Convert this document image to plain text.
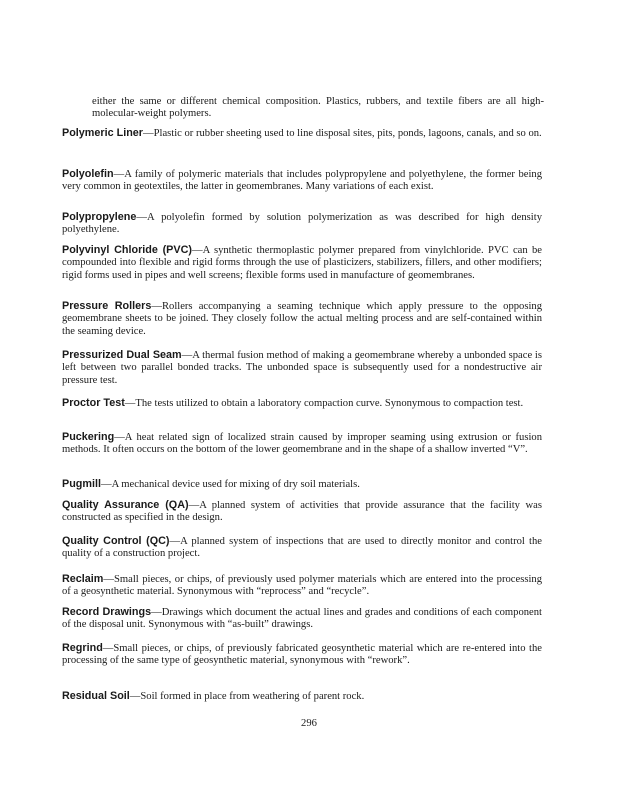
either the same or different chemical composition. Plastics, rubbers, and textile fibers are all high-molecular-weight polymers.
Polymeric Liner—Plastic or rubber sheeting used to line disposal sites, pits, ponds, lagoons, canals, and so on.
Polyolefin—A family of polymeric materials that includes polypropylene and polyethylene, the former being very common in geotextiles, the latter in geomembranes. Many variations of each exist.
Polypropylene—A polyolefin formed by solution polymerization as was described for high density polyethylene.
Polyvinyl Chloride (PVC)—A synthetic thermoplastic polymer prepared from vinylchloride. PVC can be compounded into flexible and rigid forms through the use of plasticizers, stabilizers, fillers, and other modifiers; rigid forms used in pipes and well screens; flexible forms used in manufacture of geomembranes.
Pressure Rollers—Rollers accompanying a seaming technique which apply pressure to the opposing geomembrane sheets to be joined. They closely follow the actual melting process and are self-contained within the seaming device.
Pressurized Dual Seam—A thermal fusion method of making a geomembrane whereby a unbonded space is left between two parallel bonded tracks. The unbonded space is subsequently used for a nondestructive air pressure test.
Proctor Test—The tests utilized to obtain a laboratory compaction curve. Synonymous to compaction test.
Puckering—A heat related sign of localized strain caused by improper seaming using extrusion or fusion methods. It often occurs on the bottom of the lower geomembrane and in the shape of a shallow inverted “V”.
Pugmill—A mechanical device used for mixing of dry soil materials.
Quality Assurance (QA)—A planned system of activities that provide assurance that the facility was constructed as specified in the design.
Quality Control (QC)—A planned system of inspections that are used to directly monitor and control the quality of a construction project.
Reclaim—Small pieces, or chips, of previously used polymer materials which are entered into the processing of a geosynthetic material. Synonymous with “reprocess” and “recycle”.
Record Drawings—Drawings which document the actual lines and grades and conditions of each component of the disposal unit. Synonymous with “as-built” drawings.
Regrind—Small pieces, or chips, of previously fabricated geosynthetic material which are re-entered into the processing of the same type of geosynthetic material, synonymous with “rework”.
Residual Soil—Soil formed in place from weathering of parent rock.
296
